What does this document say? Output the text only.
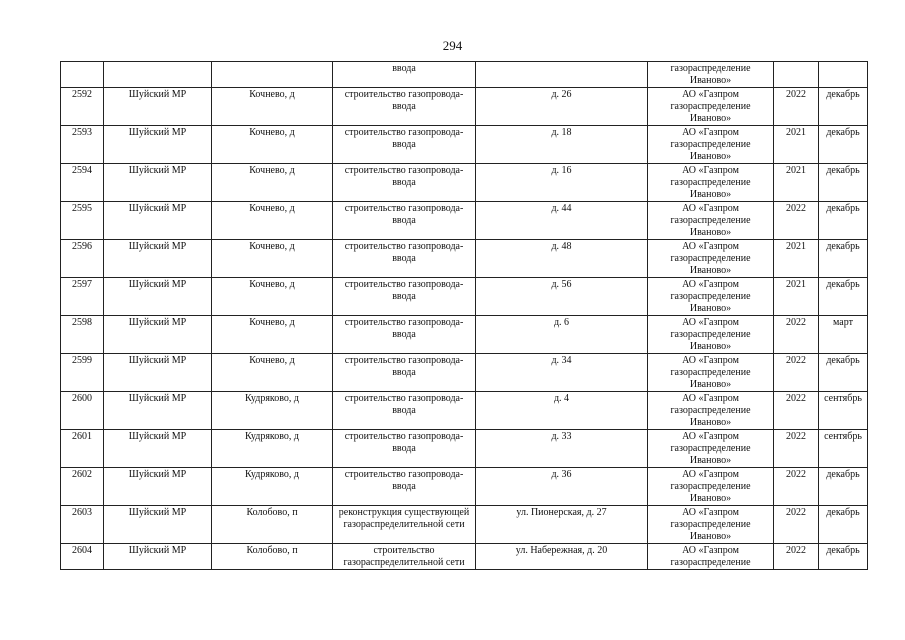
294
			ввода		газораспределение Иваново»		
2592	Шуйский МР	Кочнево, д	строительство газопровода-ввода	д. 26	АО «Газпром газораспределение Иваново»	2022	декабрь
2593	Шуйский МР	Кочнево, д	строительство газопровода-ввода	д. 18	АО «Газпром газораспределение Иваново»	2021	декабрь
2594	Шуйский МР	Кочнево, д	строительство газопровода-ввода	д. 16	АО «Газпром газораспределение Иваново»	2021	декабрь
2595	Шуйский МР	Кочнево, д	строительство газопровода-ввода	д. 44	АО «Газпром газораспределение Иваново»	2022	декабрь
2596	Шуйский МР	Кочнево, д	строительство газопровода-ввода	д. 48	АО «Газпром газораспределение Иваново»	2021	декабрь
2597	Шуйский МР	Кочнево, д	строительство газопровода-ввода	д. 56	АО «Газпром газораспределение Иваново»	2021	декабрь
2598	Шуйский МР	Кочнево, д	строительство газопровода-ввода	д. 6	АО «Газпром газораспределение Иваново»	2022	март
2599	Шуйский МР	Кочнево, д	строительство газопровода-ввода	д. 34	АО «Газпром газораспределение Иваново»	2022	декабрь
2600	Шуйский МР	Кудряково, д	строительство газопровода-ввода	д. 4	АО «Газпром газораспределение Иваново»	2022	сентябрь
2601	Шуйский МР	Кудряково, д	строительство газопровода-ввода	д. 33	АО «Газпром газораспределение Иваново»	2022	сентябрь
2602	Шуйский МР	Кудряково, д	строительство газопровода-ввода	д. 36	АО «Газпром газораспределение Иваново»	2022	декабрь
2603	Шуйский МР	Колобово, п	реконструкция существующей газораспределительной сети	ул. Пионерская, д. 27	АО «Газпром газораспределение Иваново»	2022	декабрь
2604	Шуйский МР	Колобово, п	строительство газораспределительной сети	ул. Набережная, д. 20	АО «Газпром газораспределение	2022	декабрь
